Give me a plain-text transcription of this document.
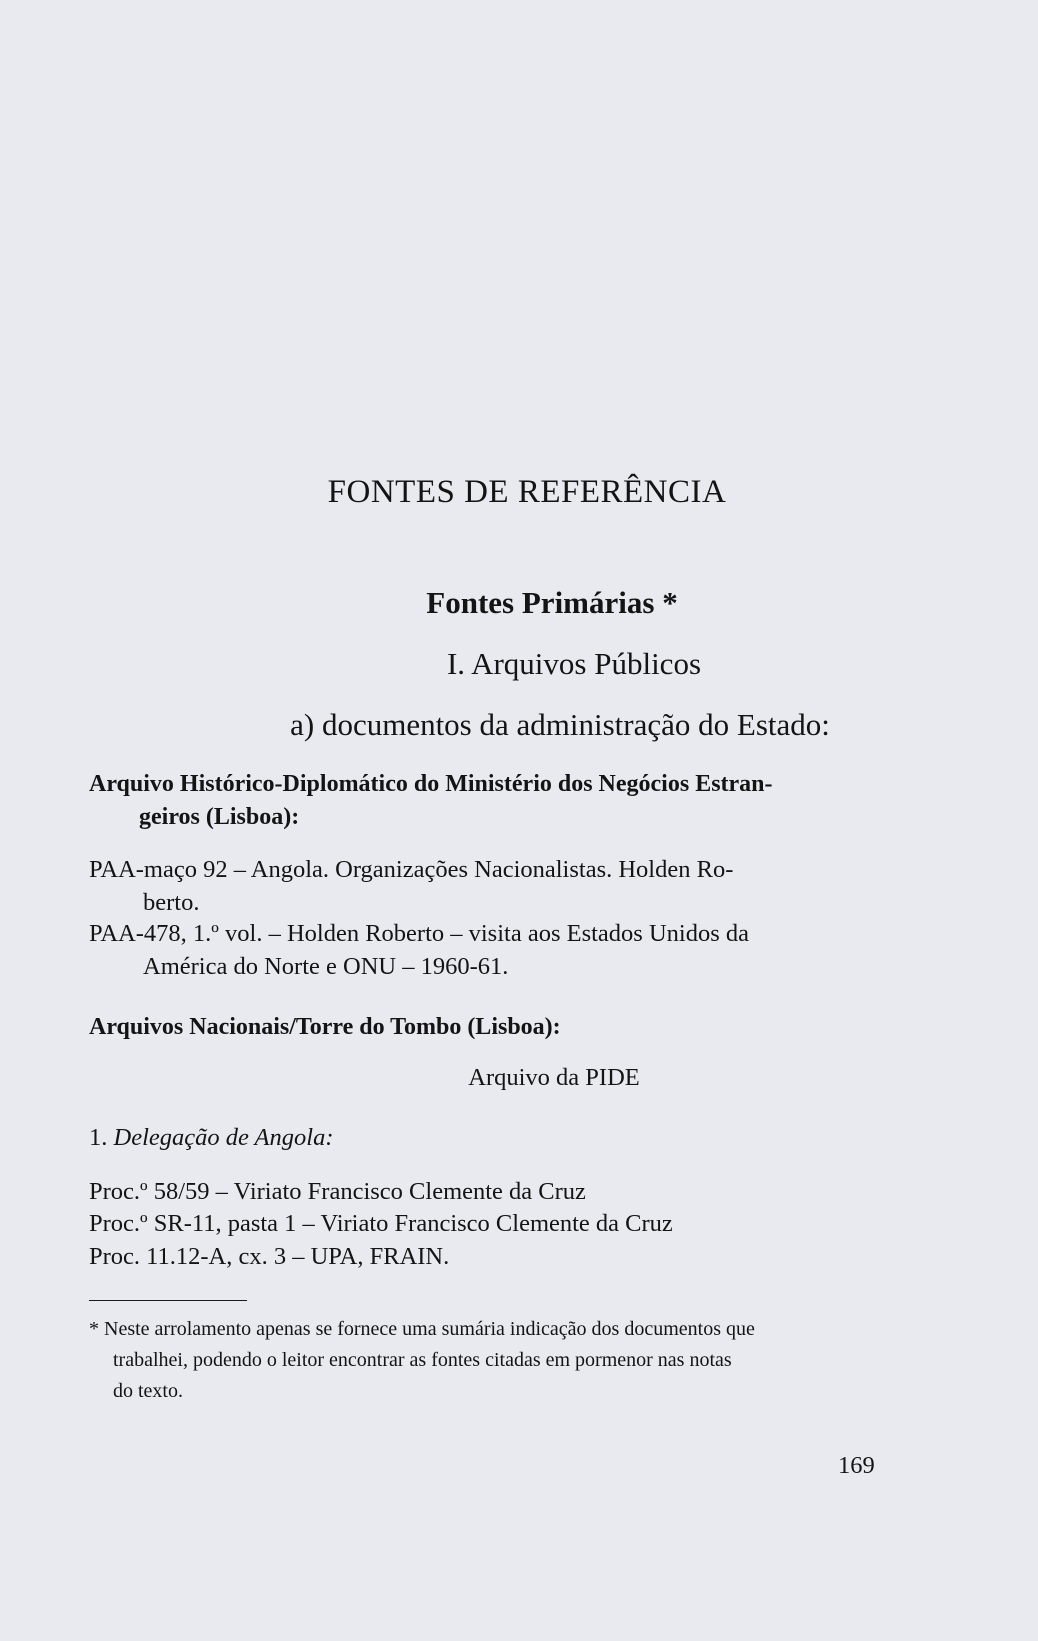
FONTES DE REFERÊNCIA
Fontes Primárias *
I. Arquivos Públicos
a) documentos da administração do Estado:
Arquivo Histórico-Diplomático do Ministério dos Negócios Estran-
geiros (Lisboa):
PAA-maço 92 – Angola. Organizações Nacionalistas. Holden Ro-
berto.
PAA-478, 1.º vol. – Holden Roberto – visita aos Estados Unidos da
América do Norte e ONU – 1960-61.
Arquivos Nacionais/Torre do Tombo (Lisboa):
Arquivo da PIDE
1. Delegação de Angola:
Proc.º 58/59 – Viriato Francisco Clemente da Cruz
Proc.º SR-11, pasta 1 – Viriato Francisco Clemente da Cruz
Proc. 11.12-A, cx. 3 – UPA, FRAIN.
* Neste arrolamento apenas se fornece uma sumária indicação dos documentos que
trabalhei, podendo o leitor encontrar as fontes citadas em pormenor nas notas
do texto.
169
